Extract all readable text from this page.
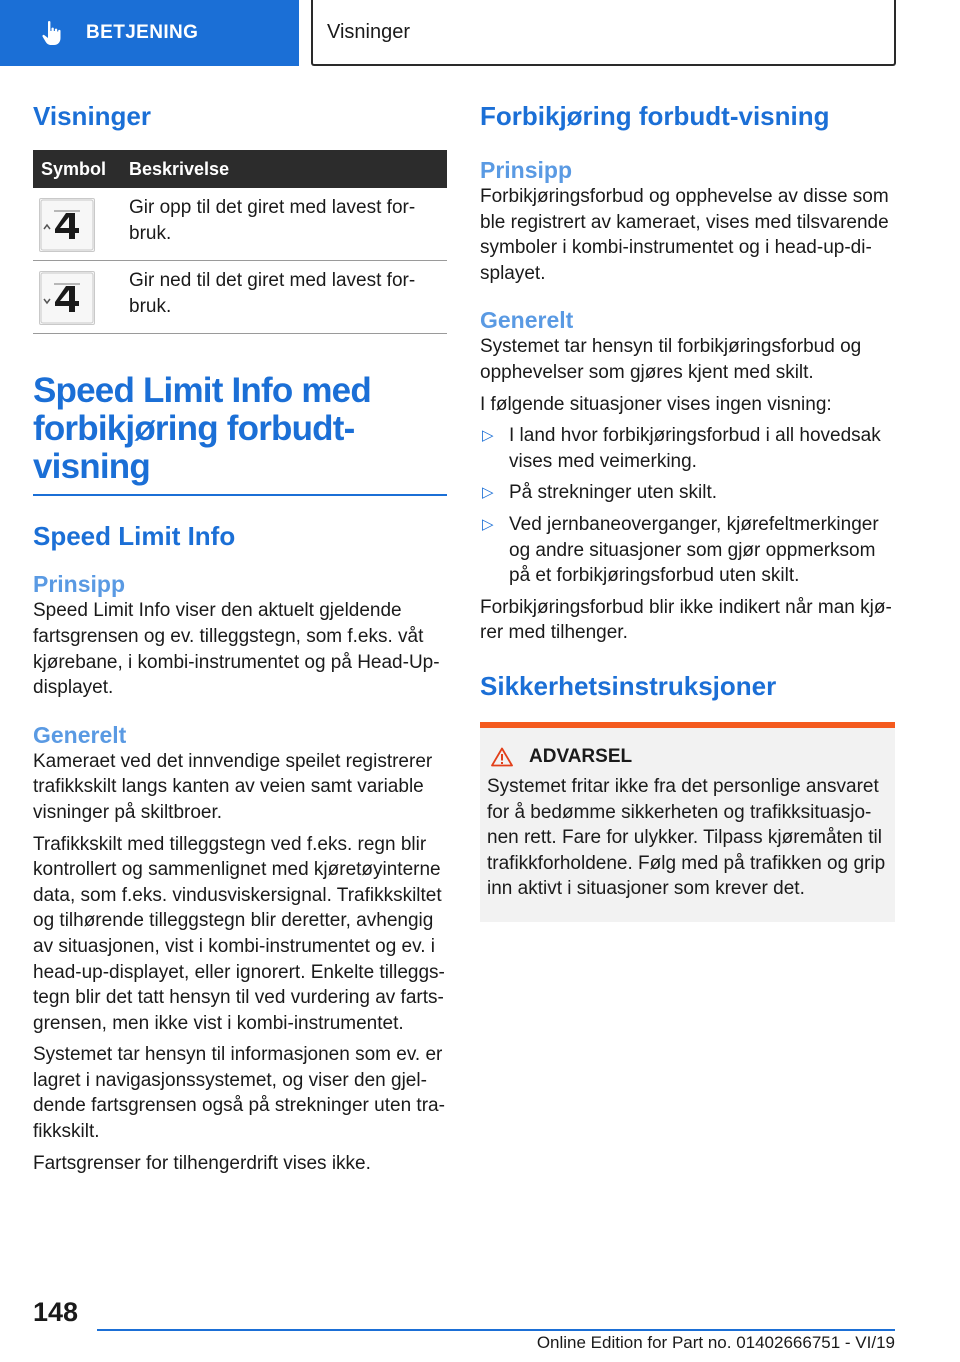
BETJENING	Visninger
Visninger
Symbol	Beskrivelse

	Gir opp til det giret med lavest for-bruk.

	Gir ned til det giret med lavest for-bruk.
Speed Limit Info med forbikjøring forbudt-visning
Speed Limit Info
Prinsipp

Speed Limit Info viser den aktuelt gjeldende fartsgrensen og ev. tilleggstegn, som f.eks. våt kjørebane, i kombi-instrumentet og på Head-Up-displayet.

Generelt

Kameraet ved det innvendige speilet registrerer trafikkskilt langs kanten av veien samt variable visninger på skiltbroer.

Trafikkskilt med tilleggstegn ved f.eks. regn blir kontrollert og sammenlignet med kjøretøyinterne data, som f.eks. vindusviskersignal. Trafikkskiltet og tilhørende tilleggstegn blir deretter, avhengig av situasjonen, vist i kombi-instrumentet og ev. i head-up-displayet, eller ignorert. Enkelte tilleggs-tegn blir det tatt hensyn til ved vurdering av farts-grensen, men ikke vist i kombi-instrumentet.

Systemet tar hensyn til informasjonen som ev. er lagret i navigasjonssystemet, og viser den gjel-dende fartsgrensen også på strekninger uten tra-fikkskilt.

Fartsgrenser for tilhengerdrift vises ikke.

Forbikjøring forbudt-visning
Prinsipp

Forbikjøringsforbud og opphevelse av disse som ble registrert av kameraet, vises med tilsvarende symboler i kombi-instrumentet og i head-up-di-splayet.

Generelt

Systemet tar hensyn til forbikjøringsforbud og opphevelser som gjøres kjent med skilt.

I følgende situasjoner vises ingen visning:

▷ I land hvor forbikjøringsforbud i all hovedsak vises med veimerking.
▷ På strekninger uten skilt.
▷ Ved jernbaneoverganger, kjørefeltmerkinger og andre situasjoner som gjør oppmerksom på et forbikjøringsforbud uten skilt.

Forbikjøringsforbud blir ikke indikert når man kjø-rer med tilhenger.

Sikkerhetsinstruksjoner
ADVARSEL

Systemet fritar ikke fra det personlige ansvaret for å bedømme sikkerheten og trafikksituasjo-nen rett. Fare for ulykker. Tilpass kjøremåten til trafikkforholdene. Følg med på trafikken og grip inn aktivt i situasjoner som krever det.

148
Online Edition for Part no. 01402666751 - VI/19
